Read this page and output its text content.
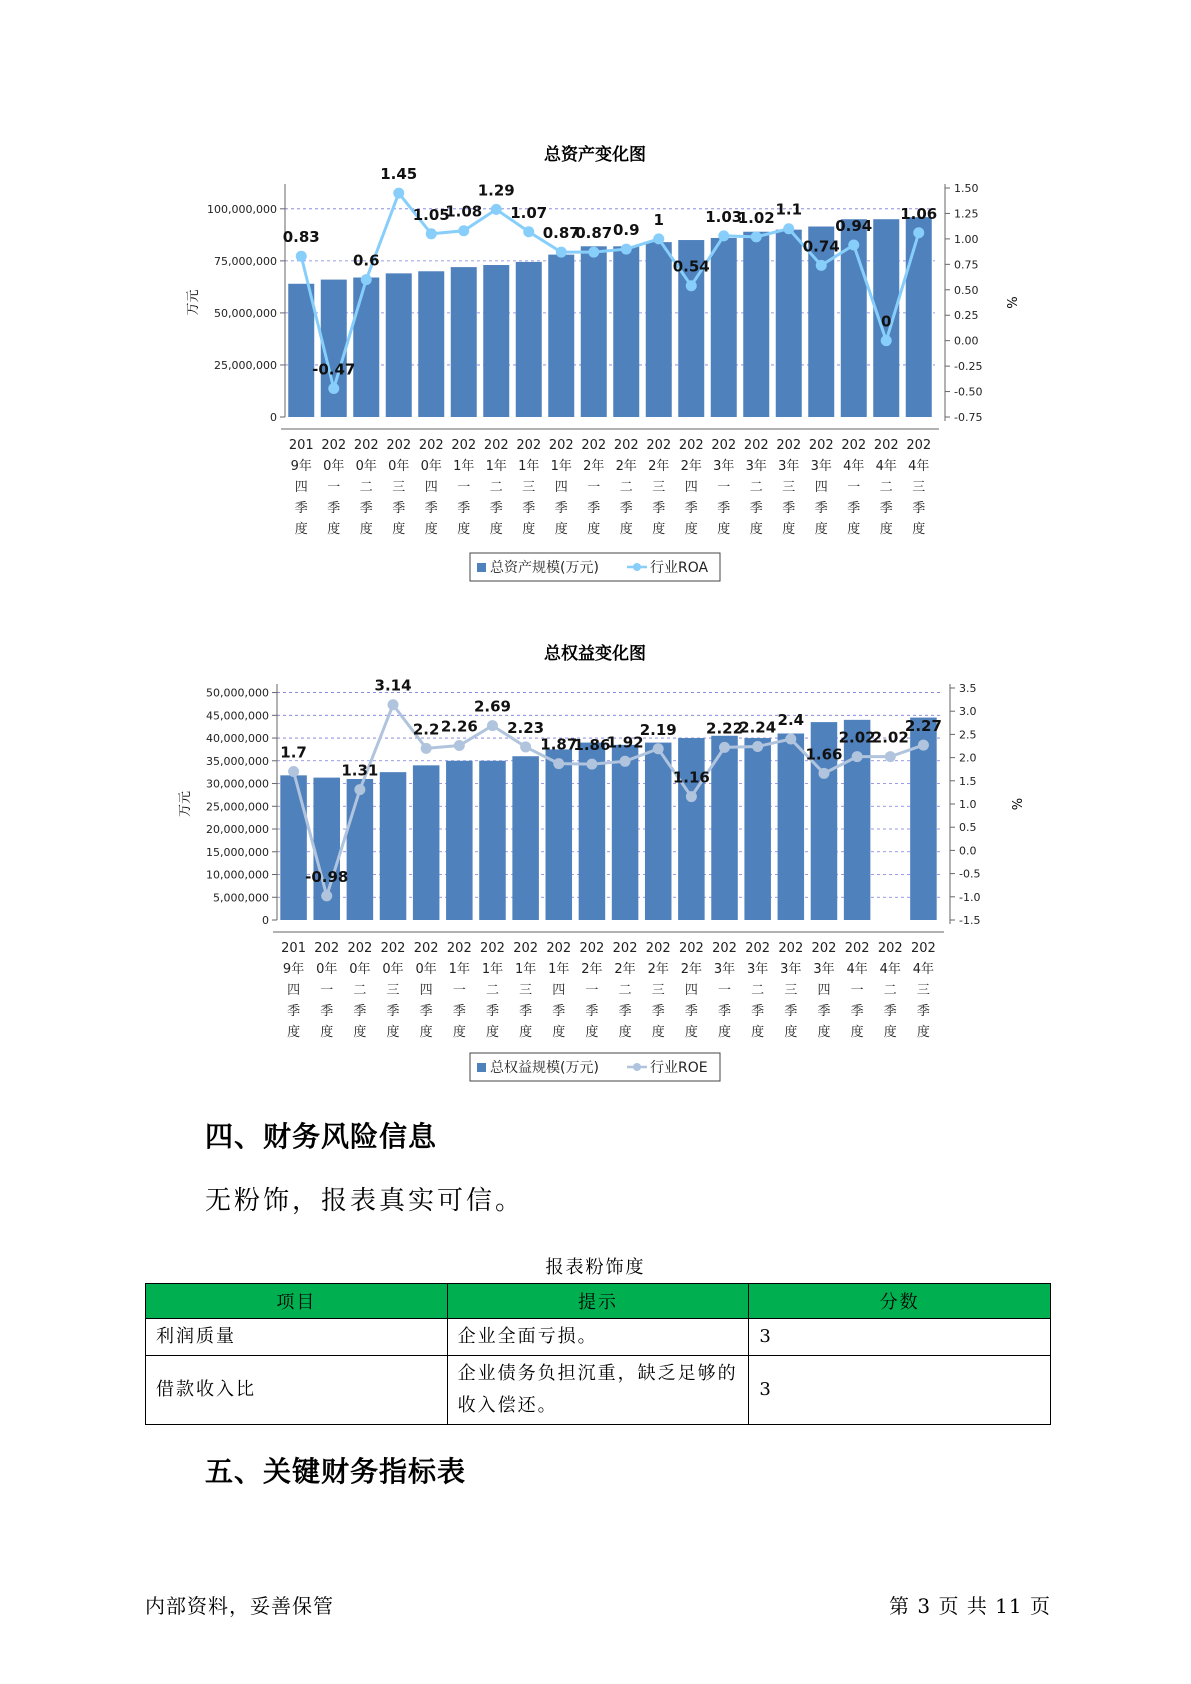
总资产变化图
100,000,000
75,000,000
50,000,000
25,000,000
0
1.50
1.25
1.00
0.75
0.50
0.25
0.00
-0.25
-0.50
-0.75
万元	%
0.83
-0.47
0.6
1.45
1.05
1.08
1.29
1.07
0.87
0.87 0.9
1
0.54
1.03
1.02 1.1
0.74
0.94
0
1.06
201
9年
四
季
度
202
0年
一
季
度
202
0年
二
季
度
202
0年
三
季
度
202
0年
四
季
度
202
1年
一
季
度
202
1年
二
季
度
202
1年
三
季
度
202
1年
四
季
度
202
2年
一
季
度
202
2年
二
季
度
202
2年
三
季
度
202
2年
四
季
度
202
3年
一
季
度
202
3年
二
季
度
202
3年
三
季
度
202
3年
四
季
度
202
4年
一
季
度
202
4年
二
季
度
202
4年
三
季
度
总资产规模(万元)	行业ROA
总权益变化图
50,000,000
45,000,000
40,000,000
35,000,000
30,000,000
25,000,000
20,000,000
15,000,000
10,000,000
5,000,000
0
3.5
3.0
2.5
2.0
1.5
1.0
0.5
0.0
-0.5
-1.0
-1.5
万元	%
1.7
-0.98
1.31
3.14
2.2 2.26
2.69
2.23
1.87
1.86
1.92
2.19
1.16
2.22
2.24 2.4
1.66
2.02
2.02
2.27
201
9年
四
季
度
202
0年
一
季
度
202
0年
二
季
度
202
0年
三
季
度
202
0年
四
季
度
202
1年
一
季
度
202
1年
二
季
度
202
1年
三
季
度
202
1年
四
季
度
202
2年
一
季
度
202
2年
二
季
度
202
2年
三
季
度
202
2年
四
季
度
202
3年
一
季
度
202
3年
二
季
度
202
3年
三
季
度
202
3年
四
季
度
202
4年
一
季
度
202
4年
二
季
度
202
4年
三
季
度
总权益规模(万元)	行业ROE
四、财务风险信息

无粉饰，报表真实可信。

报表粉饰度
项目	提示	分数
利润质量	企业全面亏损。	3
借款收入比	企业债务负担沉重，缺乏足够的收入偿还。	3
五、关键财务指标表
内部资料，妥善保管	第 3 页 共 11 页
